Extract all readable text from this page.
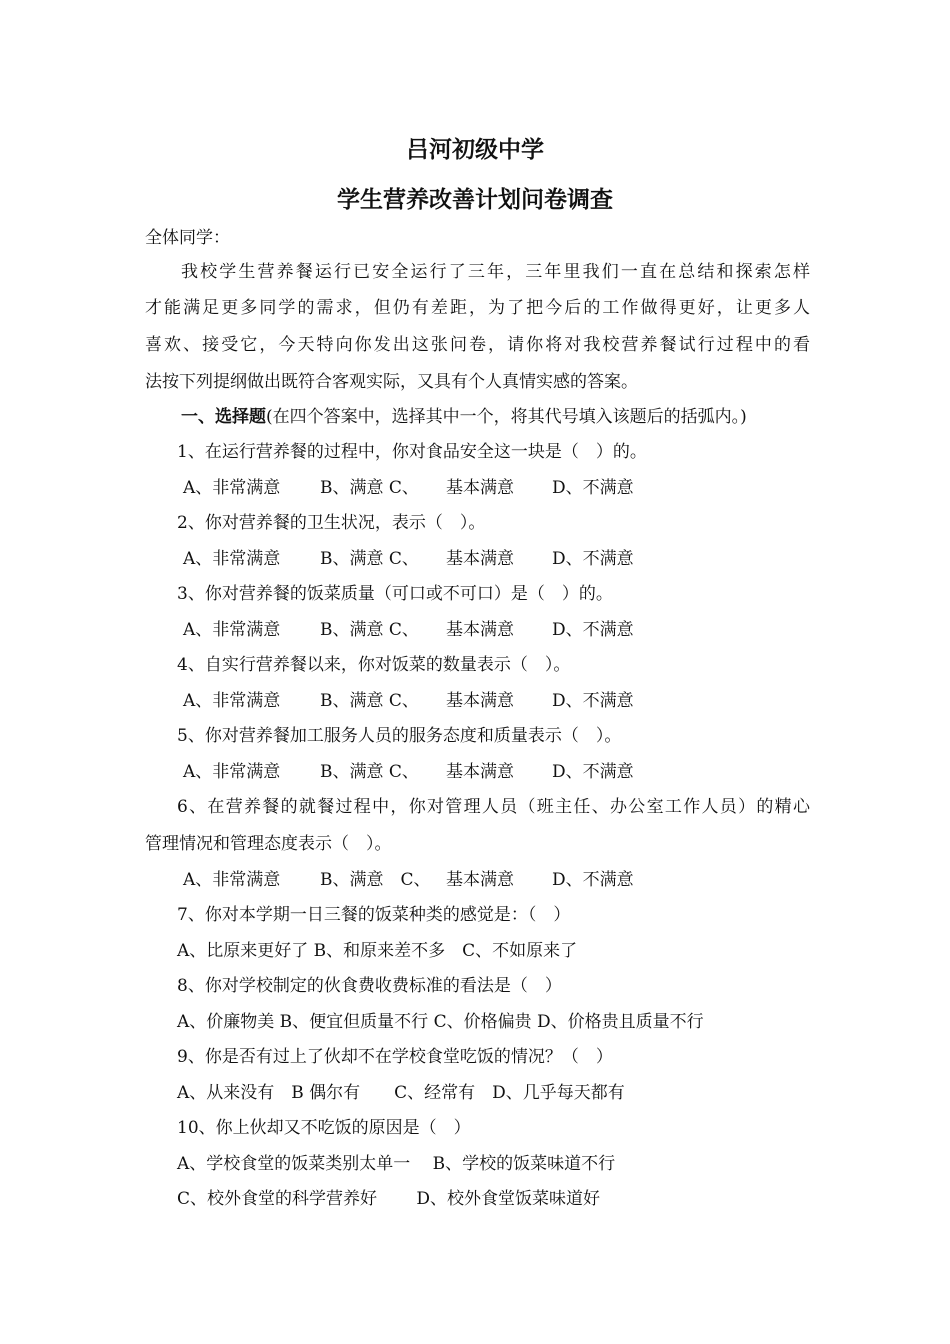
吕河初级中学
学生营养改善计划问卷调查
全体同学：
我校学生营养餐运行已安全运行了三年，三年里我们一直在总结和探索怎样
才能满足更多同学的需求，但仍有差距，为了把今后的工作做得更好，让更多人
喜欢、接受它，今天特向你发出这张问卷，请你将对我校营养餐试行过程中的看
法按下列提纲做出既符合客观实际，又具有个人真情实感的答案。
一、选择题(在四个答案中，选择其中一个，将其代号填入该题后的括弧内。)
1、在运行营养餐的过程中，你对食品安全这一块是（　）的。
A、非常满意 B、满意 C、 基本满意 D、不满意
2、你对营养餐的卫生状况，表示（　）。
A、非常满意 B、满意 C、 基本满意 D、不满意
3、你对营养餐的饭菜质量（可口或不可口）是（　）的。
A、非常满意 B、满意 C、 基本满意 D、不满意
4、自实行营养餐以来，你对饭菜的数量表示（　）。
A、非常满意 B、满意 C、 基本满意 D、不满意
5、你对营养餐加工服务人员的服务态度和质量表示（　）。
A、非常满意 B、满意 C、 基本满意 D、不满意
6、在营养餐的就餐过程中，你对管理人员（班主任、办公室工作人员）的精心
管理情况和管理态度表示（　）。
A、非常满意 B、满意　C、 基本满意 D、不满意
7、你对本学期一日三餐的饭菜种类的感觉是：（　）
A、比原来更好了 B、和原来差不多　C、不如原来了
8、你对学校制定的伙食费收费标准的看法是（　）
A、价廉物美 B、便宜但质量不行 C、价格偏贵 D、价格贵且质量不行
9、你是否有过上了伙却不在学校食堂吃饭的情况？（　）
A、从来没有　B 偶尔有　　C、经常有　D、几乎每天都有
10、你上伙却又不吃饭的原因是（　）
A、学校食堂的饭菜类别太单一　 B、学校的饭菜味道不行
C、校外食堂的科学营养好　　 D、校外食堂饭菜味道好
